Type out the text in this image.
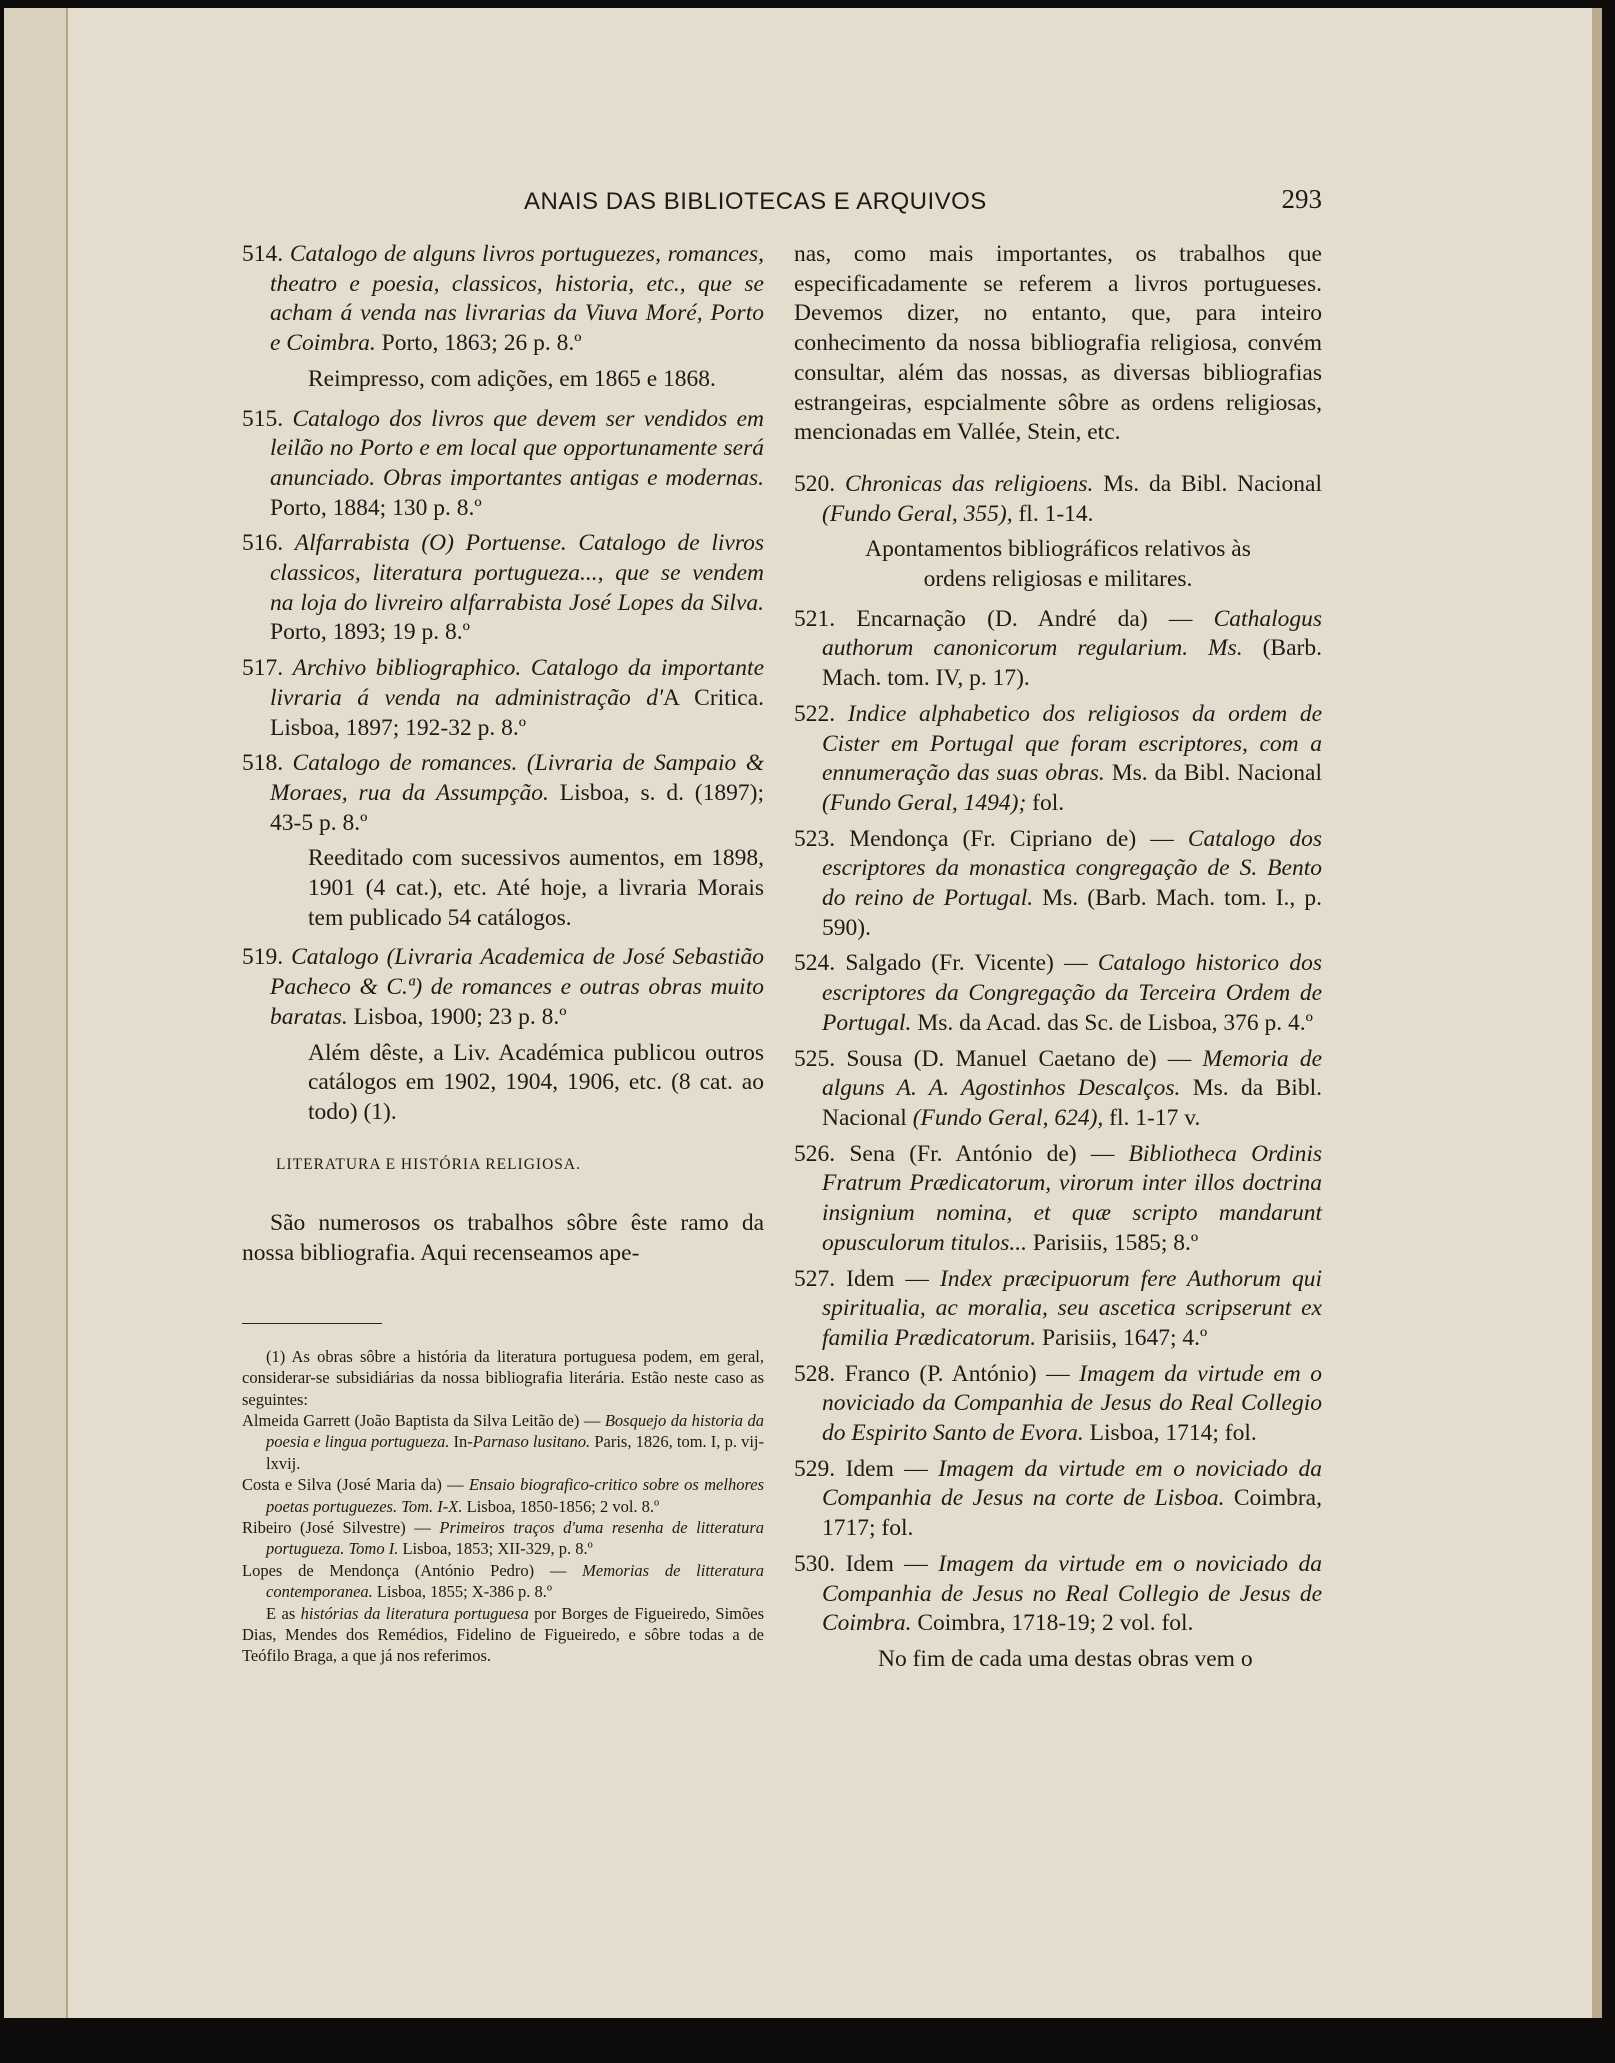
ANAIS DAS BIBLIOTECAS E ARQUIVOS	293
514. Catalogo de alguns livros portuguezes, romances, theatro e poesia, classicos, historia, etc., que se acham á venda nas livrarias da Viuva Moré, Porto e Coimbra. Porto, 1863; 26 p. 8.º
Reimpresso, com adições, em 1865 e 1868.
515. Catalogo dos livros que devem ser vendidos em leilão no Porto e em local que opportunamente será anunciado. Obras importantes antigas e modernas. Porto, 1884; 130 p. 8.º
516. Alfarrabista (O) Portuense. Catalogo de livros classicos, literatura portugueza..., que se vendem na loja do livreiro alfarrabista José Lopes da Silva. Porto, 1893; 19 p. 8.º
517. Archivo bibliographico. Catalogo da importante livraria á venda na administração d'A Critica. Lisboa, 1897; 192-32 p. 8.º
518. Catalogo de romances. (Livraria de Sampaio & Moraes, rua da Assumpção. Lisboa, s. d. (1897); 43-5 p. 8.º
Reeditado com sucessivos aumentos, em 1898, 1901 (4 cat.), etc. Até hoje, a livraria Morais tem publicado 54 catálogos.
519. Catalogo (Livraria Academica de José Sebastião Pacheco & C.ª) de romances e outras obras muito baratas. Lisboa, 1900; 23 p. 8.º
Além dêste, a Liv. Académica publicou outros catálogos em 1902, 1904, 1906, etc. (8 cat. ao todo) (1).
LITERATURA E HISTÓRIA RELIGIOSA.
São numerosos os trabalhos sôbre êste ramo da nossa bibliografia. Aqui recenseamos ape-

(1) As obras sôbre a história da literatura portuguesa podem, em geral, considerar-se subsidiárias da nossa bibliografia literária. Estão neste caso as seguintes:

Almeida Garrett (João Baptista da Silva Leitão de) — Bosquejo da historia da poesia e lingua portugueza. In-Parnaso lusitano. Paris, 1826, tom. I, p. vij-lxvij.

Costa e Silva (José Maria da) — Ensaio biografico-critico sobre os melhores poetas portuguezes. Tom. I-X. Lisboa, 1850-1856; 2 vol. 8.º

Ribeiro (José Silvestre) — Primeiros traços d'uma resenha de litteratura portugueza. Tomo I. Lisboa, 1853; XII-329, p. 8.º

Lopes de Mendonça (António Pedro) — Memorias de litteratura contemporanea. Lisboa, 1855; X-386 p. 8.º

E as histórias da literatura portuguesa por Borges de Figueiredo, Simões Dias, Mendes dos Remédios, Fidelino de Figueiredo, e sôbre todas a de Teófilo Braga, a que já nos referimos.

nas, como mais importantes, os trabalhos que especificadamente se referem a livros portugueses. Devemos dizer, no entanto, que, para inteiro conhecimento da nossa bibliografia religiosa, convém consultar, além das nossas, as diversas bibliografias estrangeiras, espcialmente sôbre as ordens religiosas, mencionadas em Vallée, Stein, etc.
520. Chronicas das religioens. Ms. da Bibl. Nacional (Fundo Geral, 355), fl. 1-14.
Apontamentos bibliográficos relativos às ordens religiosas e militares.
521. Encarnação (D. André da) — Cathalogus authorum canonicorum regularium. Ms. (Barb. Mach. tom. IV, p. 17).
522. Indice alphabetico dos religiosos da ordem de Cister em Portugal que foram escriptores, com a ennumeração das suas obras. Ms. da Bibl. Nacional (Fundo Geral, 1494); fol.
523. Mendonça (Fr. Cipriano de) — Catalogo dos escriptores da monastica congregação de S. Bento do reino de Portugal. Ms. (Barb. Mach. tom. I., p. 590).
524. Salgado (Fr. Vicente) — Catalogo historico dos escriptores da Congregação da Terceira Ordem de Portugal. Ms. da Acad. das Sc. de Lisboa, 376 p. 4.º
525. Sousa (D. Manuel Caetano de) — Memoria de alguns A. A. Agostinhos Descalços. Ms. da Bibl. Nacional (Fundo Geral, 624), fl. 1-17 v.
526. Sena (Fr. António de) — Bibliotheca Ordinis Fratrum Prædicatorum, virorum inter illos doctrina insignium nomina, et quæ scripto mandarunt opusculorum titulos... Parisiis, 1585; 8.º
527. Idem — Index præcipuorum fere Authorum qui spiritualia, ac moralia, seu ascetica scripserunt ex familia Prædicatorum. Parisiis, 1647; 4.º
528. Franco (P. António) — Imagem da virtude em o noviciado da Companhia de Jesus do Real Collegio do Espirito Santo de Evora. Lisboa, 1714; fol.
529. Idem — Imagem da virtude em o noviciado da Companhia de Jesus na corte de Lisboa. Coimbra, 1717; fol.
530. Idem — Imagem da virtude em o noviciado da Companhia de Jesus no Real Collegio de Jesus de Coimbra. Coimbra, 1718-19; 2 vol. fol.
No fim de cada uma destas obras vem o
